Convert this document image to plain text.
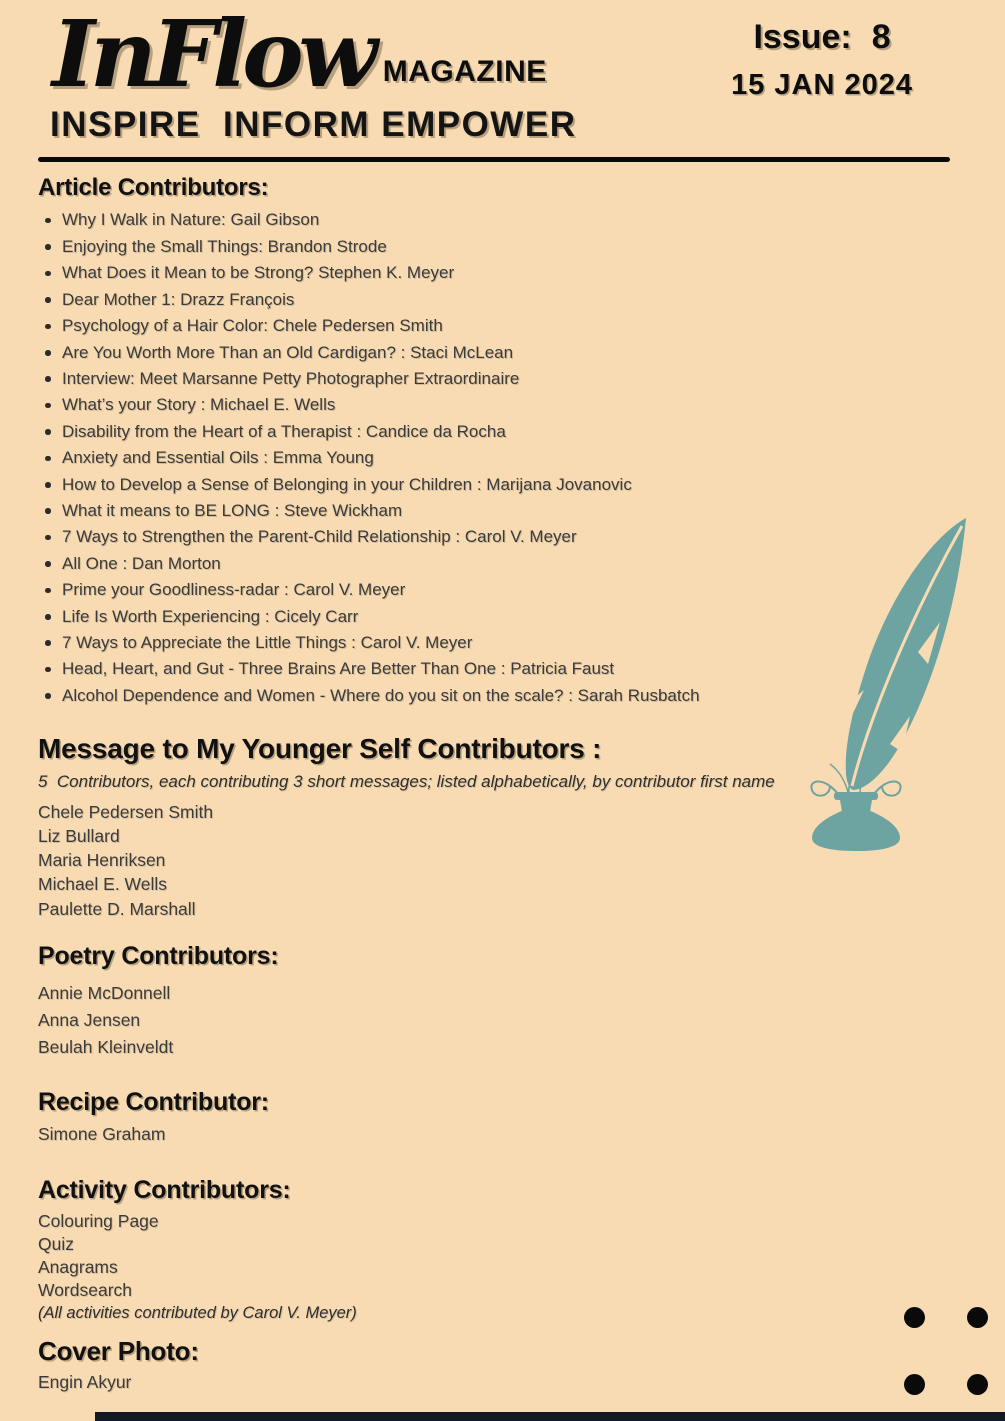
InFlow MAGAZINE
Issue: 8
15 JAN 2024
INSPIRE  INFORM EMPOWER
Article Contributors:
Why I Walk in Nature: Gail Gibson
Enjoying the Small Things: Brandon Strode
What Does it Mean to be Strong? Stephen K. Meyer
Dear Mother 1: Drazz François
Psychology of a Hair Color: Chele Pedersen Smith
Are You Worth More Than an Old Cardigan? : Staci McLean
Interview: Meet Marsanne Petty Photographer Extraordinaire
What’s your Story : Michael E. Wells
Disability from the Heart of a Therapist : Candice da Rocha
Anxiety and Essential Oils : Emma Young
How to Develop a Sense of Belonging in your Children : Marijana Jovanovic
What it means to BE LONG : Steve Wickham
7 Ways to Strengthen the Parent-Child Relationship : Carol V. Meyer
All One : Dan Morton
Prime your Goodliness-radar : Carol V. Meyer
Life Is Worth Experiencing : Cicely Carr
7 Ways to Appreciate the Little Things : Carol V. Meyer
Head, Heart, and Gut - Three Brains Are Better Than One : Patricia Faust
Alcohol Dependence and Women - Where do you sit on the scale? : Sarah Rusbatch
Message to My Younger Self Contributors :

5  Contributors, each contributing 3 short messages; listed alphabetically, by contributor first name

Chele Pedersen Smith
Liz Bullard
Maria Henriksen
Michael E. Wells
Paulette D. Marshall
Poetry Contributors:
Annie McDonnell
Anna Jensen
Beulah Kleinveldt
Recipe Contributor:
Simone Graham
Activity Contributors:
Colouring Page
Quiz
Anagrams
Wordsearch

(All activities contributed by Carol V. Meyer)

Cover Photo:
Engin Akyur
